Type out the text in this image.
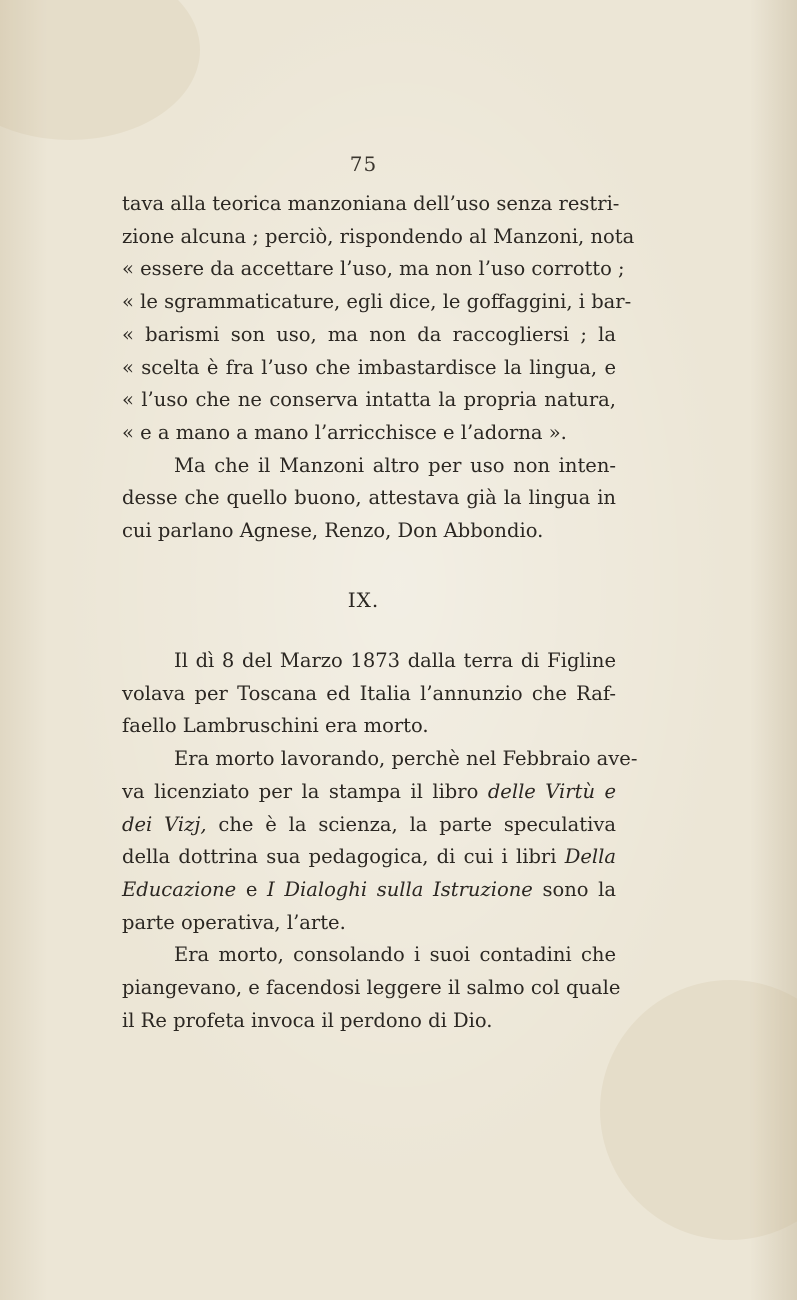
75

tava alla teorica manzoniana dell’uso senza restri-
zione alcuna ; perciò, rispondendo al Manzoni, nota
« essere da accettare l’uso, ma non l’uso corrotto ;
« le sgrammaticature, egli dice, le goffaggini, i bar-
« barismi son uso, ma non da raccogliersi ; la
« scelta è fra l’uso che imbastardisce la lingua, e
« l’uso che ne conserva intatta la propria natura,
« e a mano a mano l’arricchisce e l’adorna ».

Ma che il Manzoni altro per uso non inten-
desse che quello buono, attestava già la lingua in
cui parlano Agnese, Renzo, Don Abbondio.

IX.

Il dì 8 del Marzo 1873 dalla terra di Figline
volava per Toscana ed Italia l’annunzio che Raf-
faello Lambruschini era morto.

Era morto lavorando, perchè nel Febbraio ave-
va licenziato per la stampa il libro delle Virtù e
dei Vizj, che è la scienza, la parte speculativa
della dottrina sua pedagogica, di cui i libri Della
Educazione e I Dialoghi sulla Istruzione sono la
parte operativa, l’arte.

Era morto, consolando i suoi contadini che
piangevano, e facendosi leggere il salmo col quale
il Re profeta invoca il perdono di Dio.
